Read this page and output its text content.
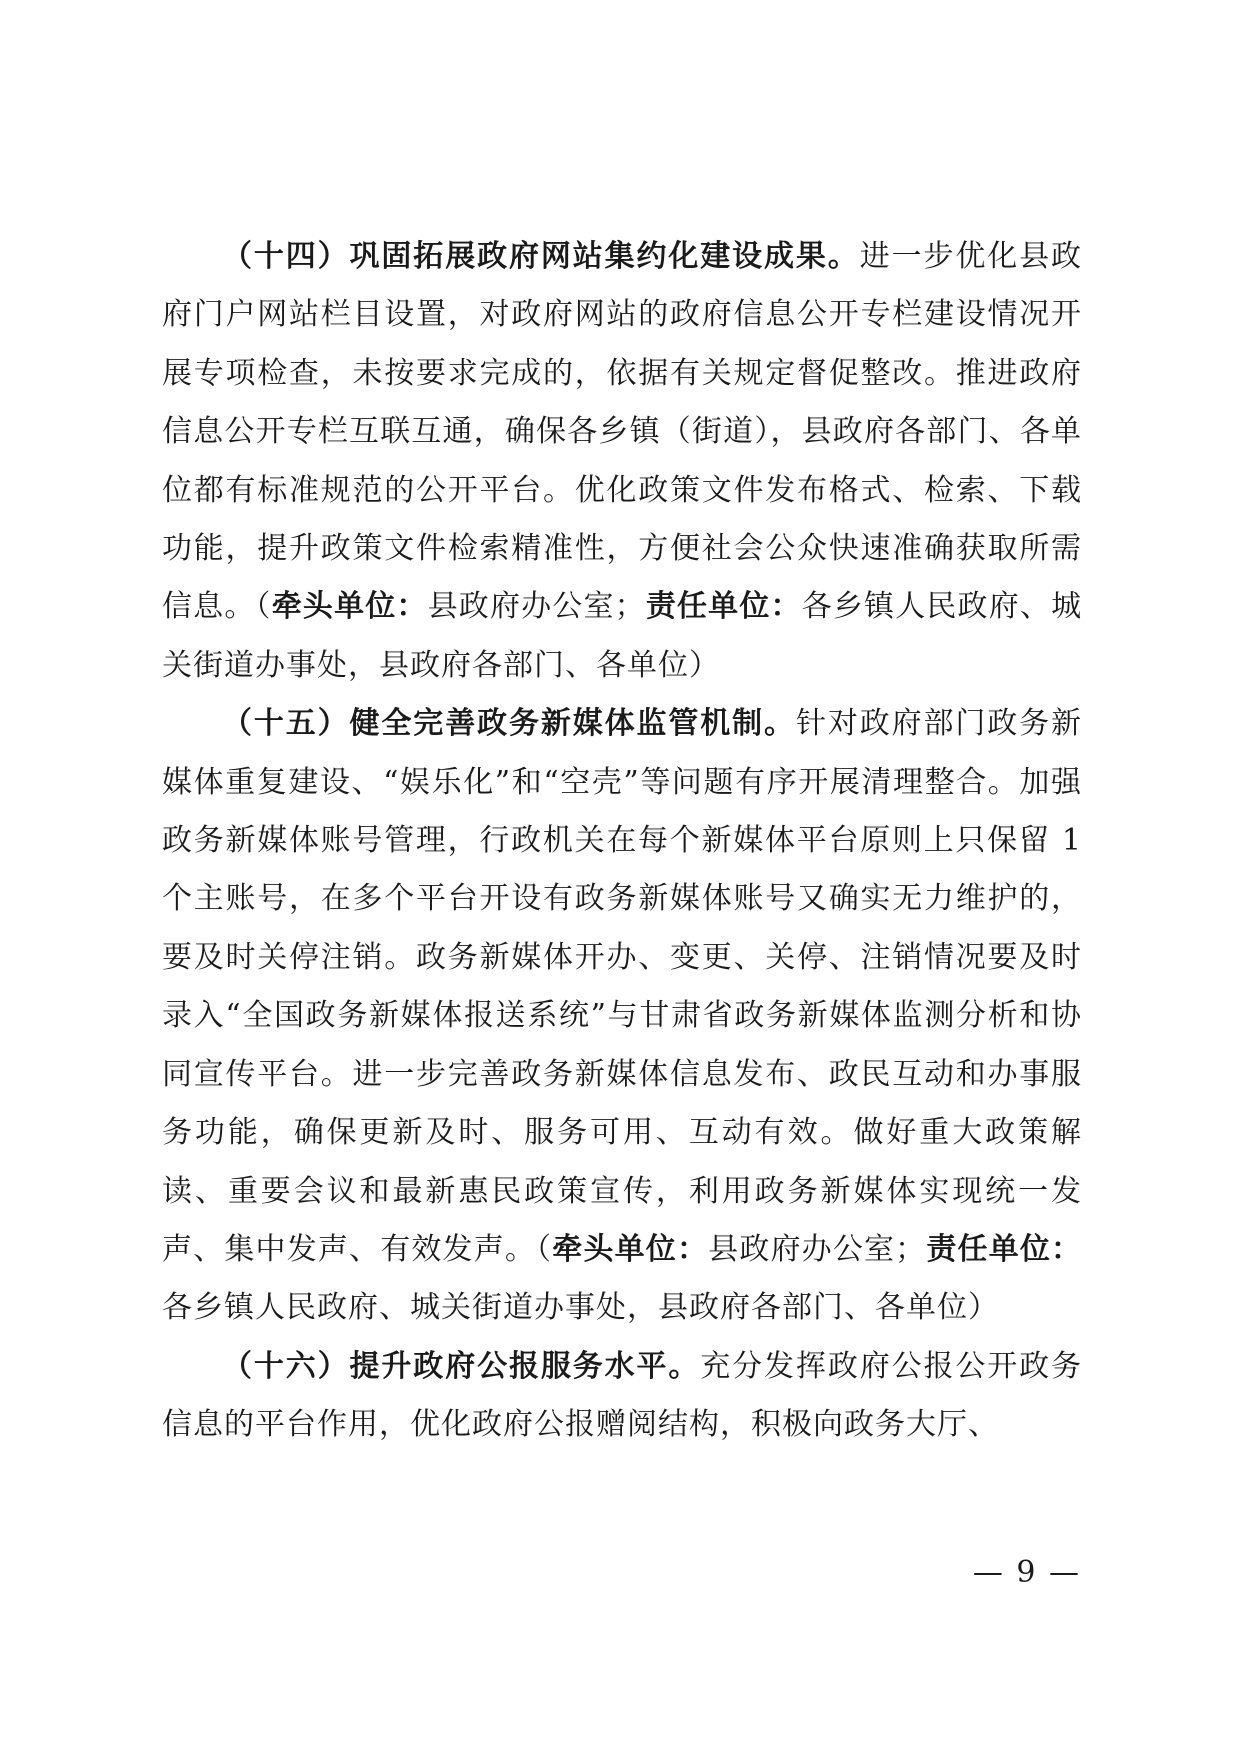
（十四）巩固拓展政府网站集约化建设成果。进一步优化县政府门户网站栏目设置，对政府网站的政府信息公开专栏建设情况开展专项检查，未按要求完成的，依据有关规定督促整改。推进政府信息公开专栏互联互通，确保各乡镇（街道），县政府各部门、各单位都有标准规范的公开平台。优化政策文件发布格式、检索、下载功能，提升政策文件检索精准性，方便社会公众快速准确获取所需信息。（牵头单位：县政府办公室；责任单位：各乡镇人民政府、城关街道办事处，县政府各部门、各单位）

（十五）健全完善政务新媒体监管机制。针对政府部门政务新媒体重复建设、“娱乐化”和“空壳”等问题有序开展清理整合。加强政务新媒体账号管理，行政机关在每个新媒体平台原则上只保留 1 个主账号，在多个平台开设有政务新媒体账号又确实无力维护的，要及时关停注销。政务新媒体开办、变更、关停、注销情况要及时录入“全国政务新媒体报送系统”与甘肃省政务新媒体监测分析和协同宣传平台。进一步完善政务新媒体信息发布、政民互动和办事服务功能，确保更新及时、服务可用、互动有效。做好重大政策解读、重要会议和最新惠民政策宣传，利用政务新媒体实现统一发声、集中发声、有效发声。（牵头单位：县政府办公室；责任单位：各乡镇人民政府、城关街道办事处，县政府各部门、各单位）

（十六）提升政府公报服务水平。充分发挥政府公报公开政务信息的平台作用，优化政府公报赠阅结构，积极向政务大厅、

— 9 —
